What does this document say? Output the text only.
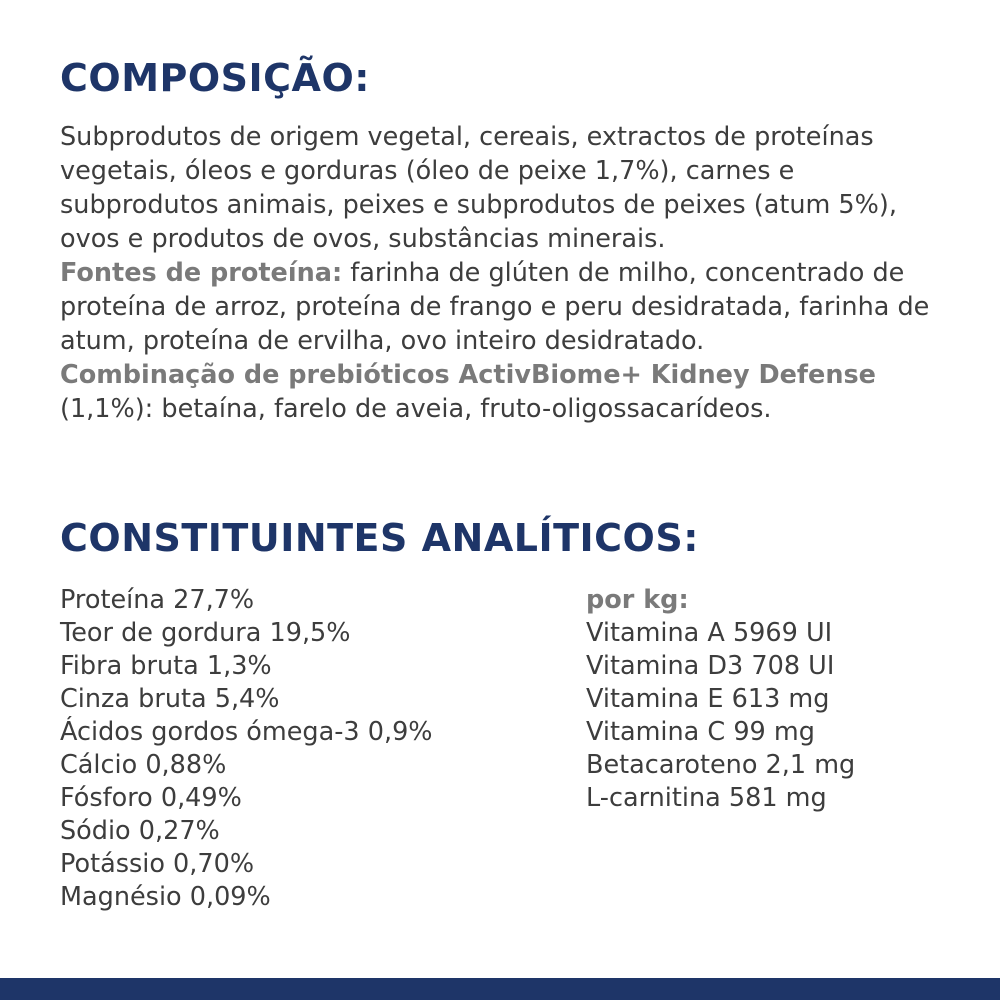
COMPOSIÇÃO:

Subprodutos de origem vegetal, cereais, extractos de proteínas vegetais, óleos e gorduras (óleo de peixe 1,7%), carnes e subprodutos animais, peixes e subprodutos de peixes (atum 5%), ovos e produtos de ovos, substâncias minerais.

Fontes de proteína: farinha de glúten de milho, concentrado de proteína de arroz, proteína de frango e peru desidratada, farinha de atum, proteína de ervilha, ovo inteiro desidratado.

Combinação de prebióticos ActivBiome+ Kidney Defense (1,1%): betaína, farelo de aveia, fruto-oligossacarídeos.

CONSTITUINTES ANALÍTICOS:
Proteína 27,7%
Teor de gordura 19,5%
Fibra bruta 1,3%
Cinza bruta 5,4%
Ácidos gordos ómega-3 0,9%
Cálcio 0,88%
Fósforo 0,49%
Sódio 0,27%
Potássio 0,70%
Magnésio 0,09%
por kg:
Vitamina A 5969 UI
Vitamina D3 708 UI
Vitamina E 613 mg
Vitamina C 99 mg
Betacaroteno 2,1 mg
L-carnitina 581 mg
